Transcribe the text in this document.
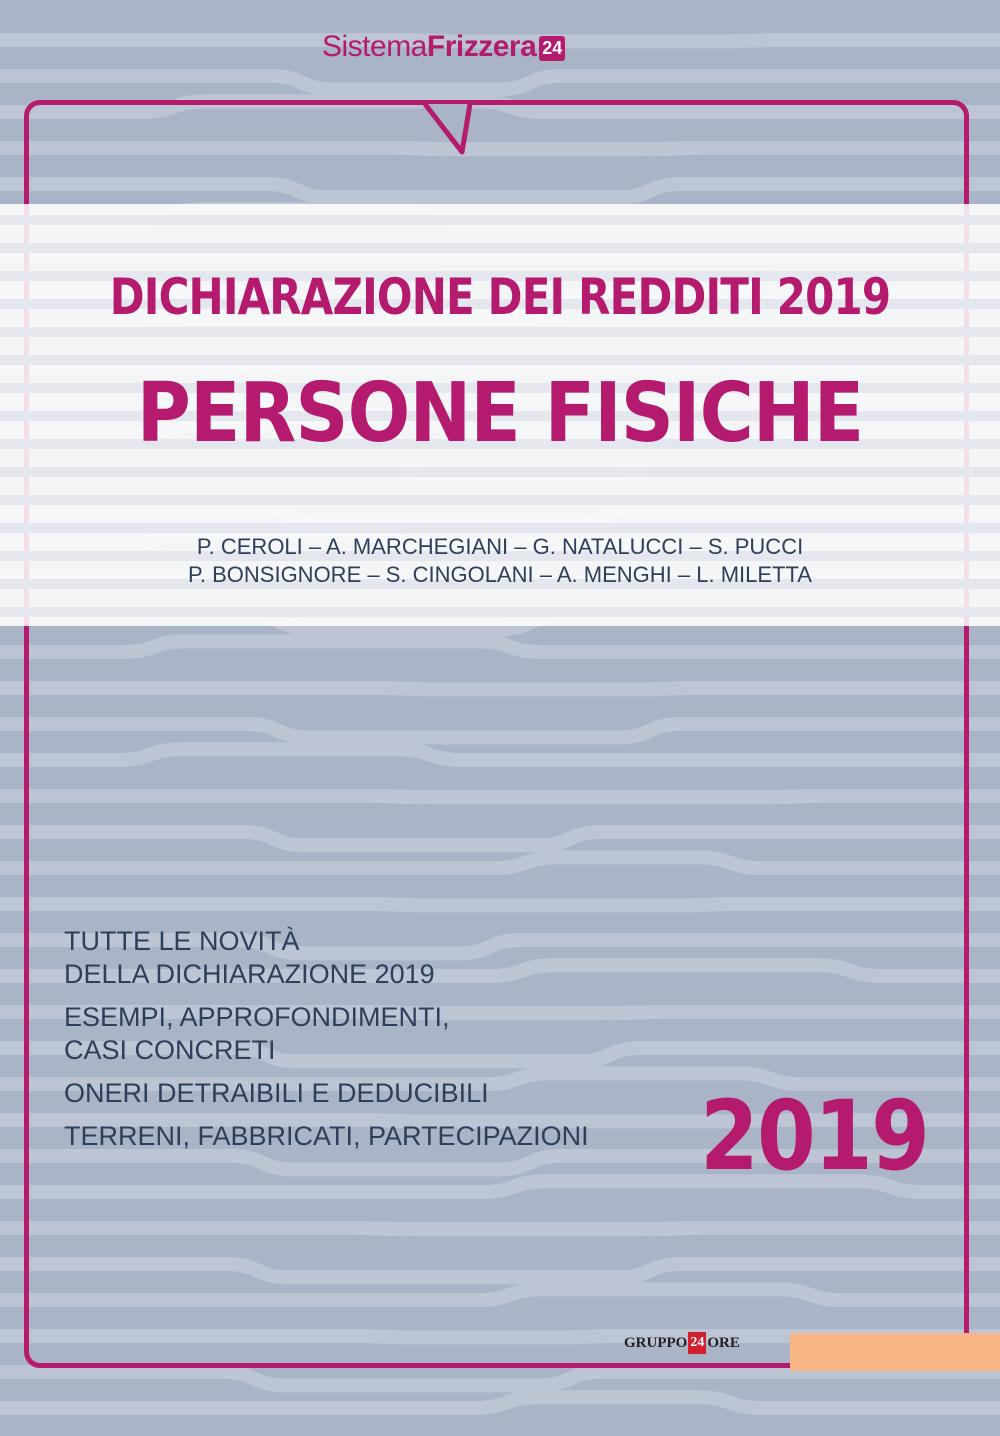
Sistema Frizzera 24
DICHIARAZIONE DEI REDDITI 2019
PERSONE FISICHE
P. CEROLI – A. MARCHEGIANI – G. NATALUCCI – S. PUCCI
P. BONSIGNORE – S. CINGOLANI – A. MENGHI – L. MILETTA
TUTTE LE NOVITÀ
DELLA DICHIARAZIONE 2019
ESEMPI, APPROFONDIMENTI,
CASI CONCRETI
ONERI DETRAIBILI E DEDUCIBILI
TERRENI, FABBRICATI, PARTECIPAZIONI	2019
GRUPPO 24 ORE
